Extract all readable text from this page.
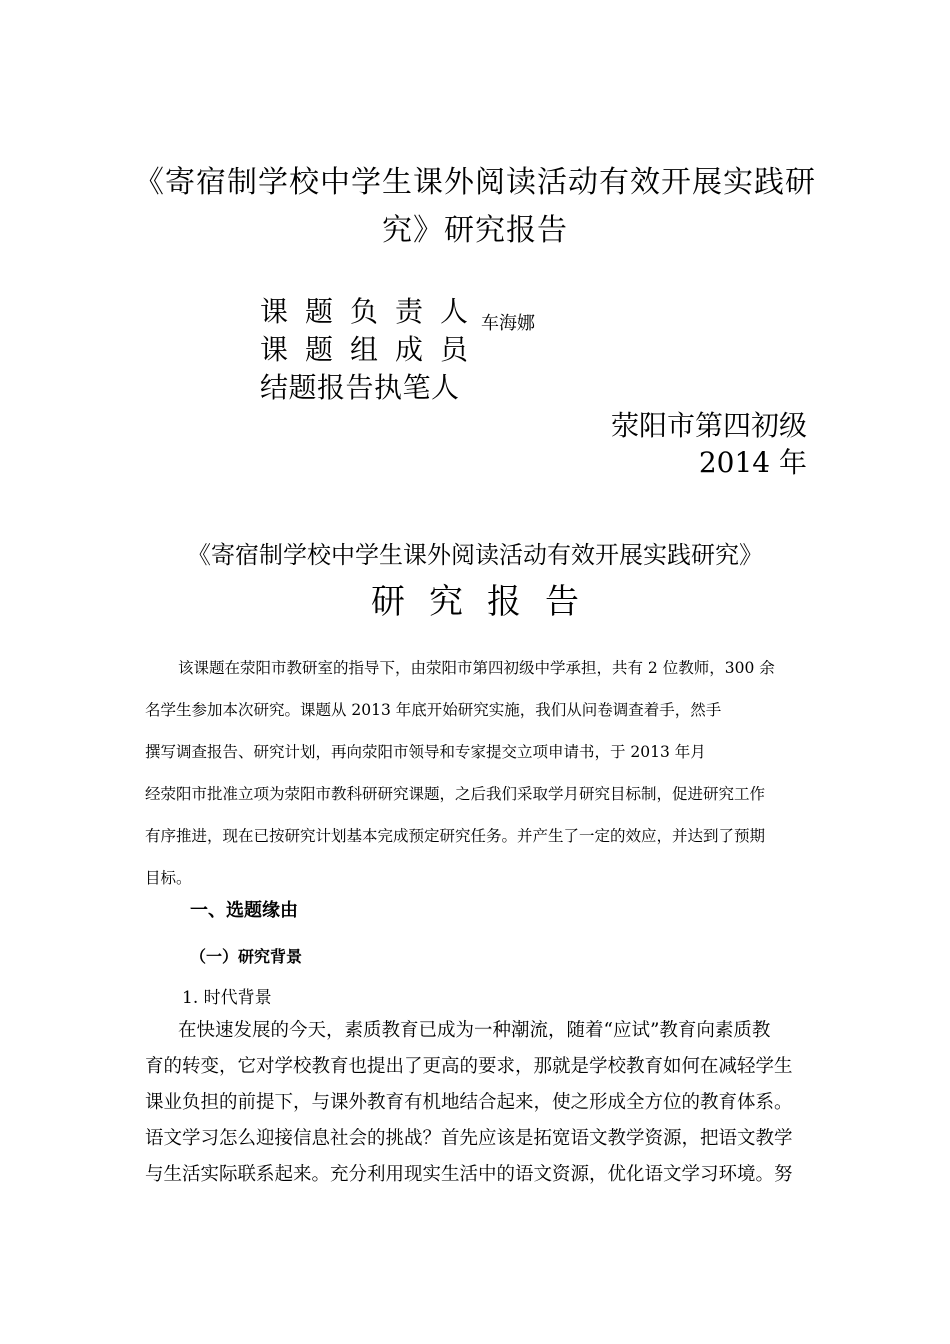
《寄宿制学校中学生课外阅读活动有效开展实践研
究》研究报告
课题负责人
课题组成员
结题报告执笔人
车海娜
荥阳市第四初级
2014 年
《寄宿制学校中学生课外阅读活动有效开展实践研究》
研究报告
该课题在荥阳市教研室的指导下，由荥阳市第四初级中学承担，共有 2 位教师，300 余
名学生参加本次研究。课题从 2013 年底开始研究实施，我们从问卷调查着手，然手
撰写调查报告、研究计划，再向荥阳市领导和专家提交立项申请书，于 2013 年月
经荥阳市批准立项为荥阳市教科研研究课题，之后我们采取学月研究目标制，促进研究工作
有序推进，现在已按研究计划基本完成预定研究任务。并产生了一定的效应，并达到了预期
目标。
一、选题缘由
（一）研究背景
1. 时代背景
在快速发展的今天，素质教育已成为一种潮流，随着“应试”教育向素质教
育的转变，它对学校教育也提出了更高的要求，那就是学校教育如何在减轻学生
课业负担的前提下，与课外教育有机地结合起来，使之形成全方位的教育体系。
语文学习怎么迎接信息社会的挑战？首先应该是拓宽语文教学资源，把语文教学
与生活实际联系起来。充分利用现实生活中的语文资源，优化语文学习环境。努
